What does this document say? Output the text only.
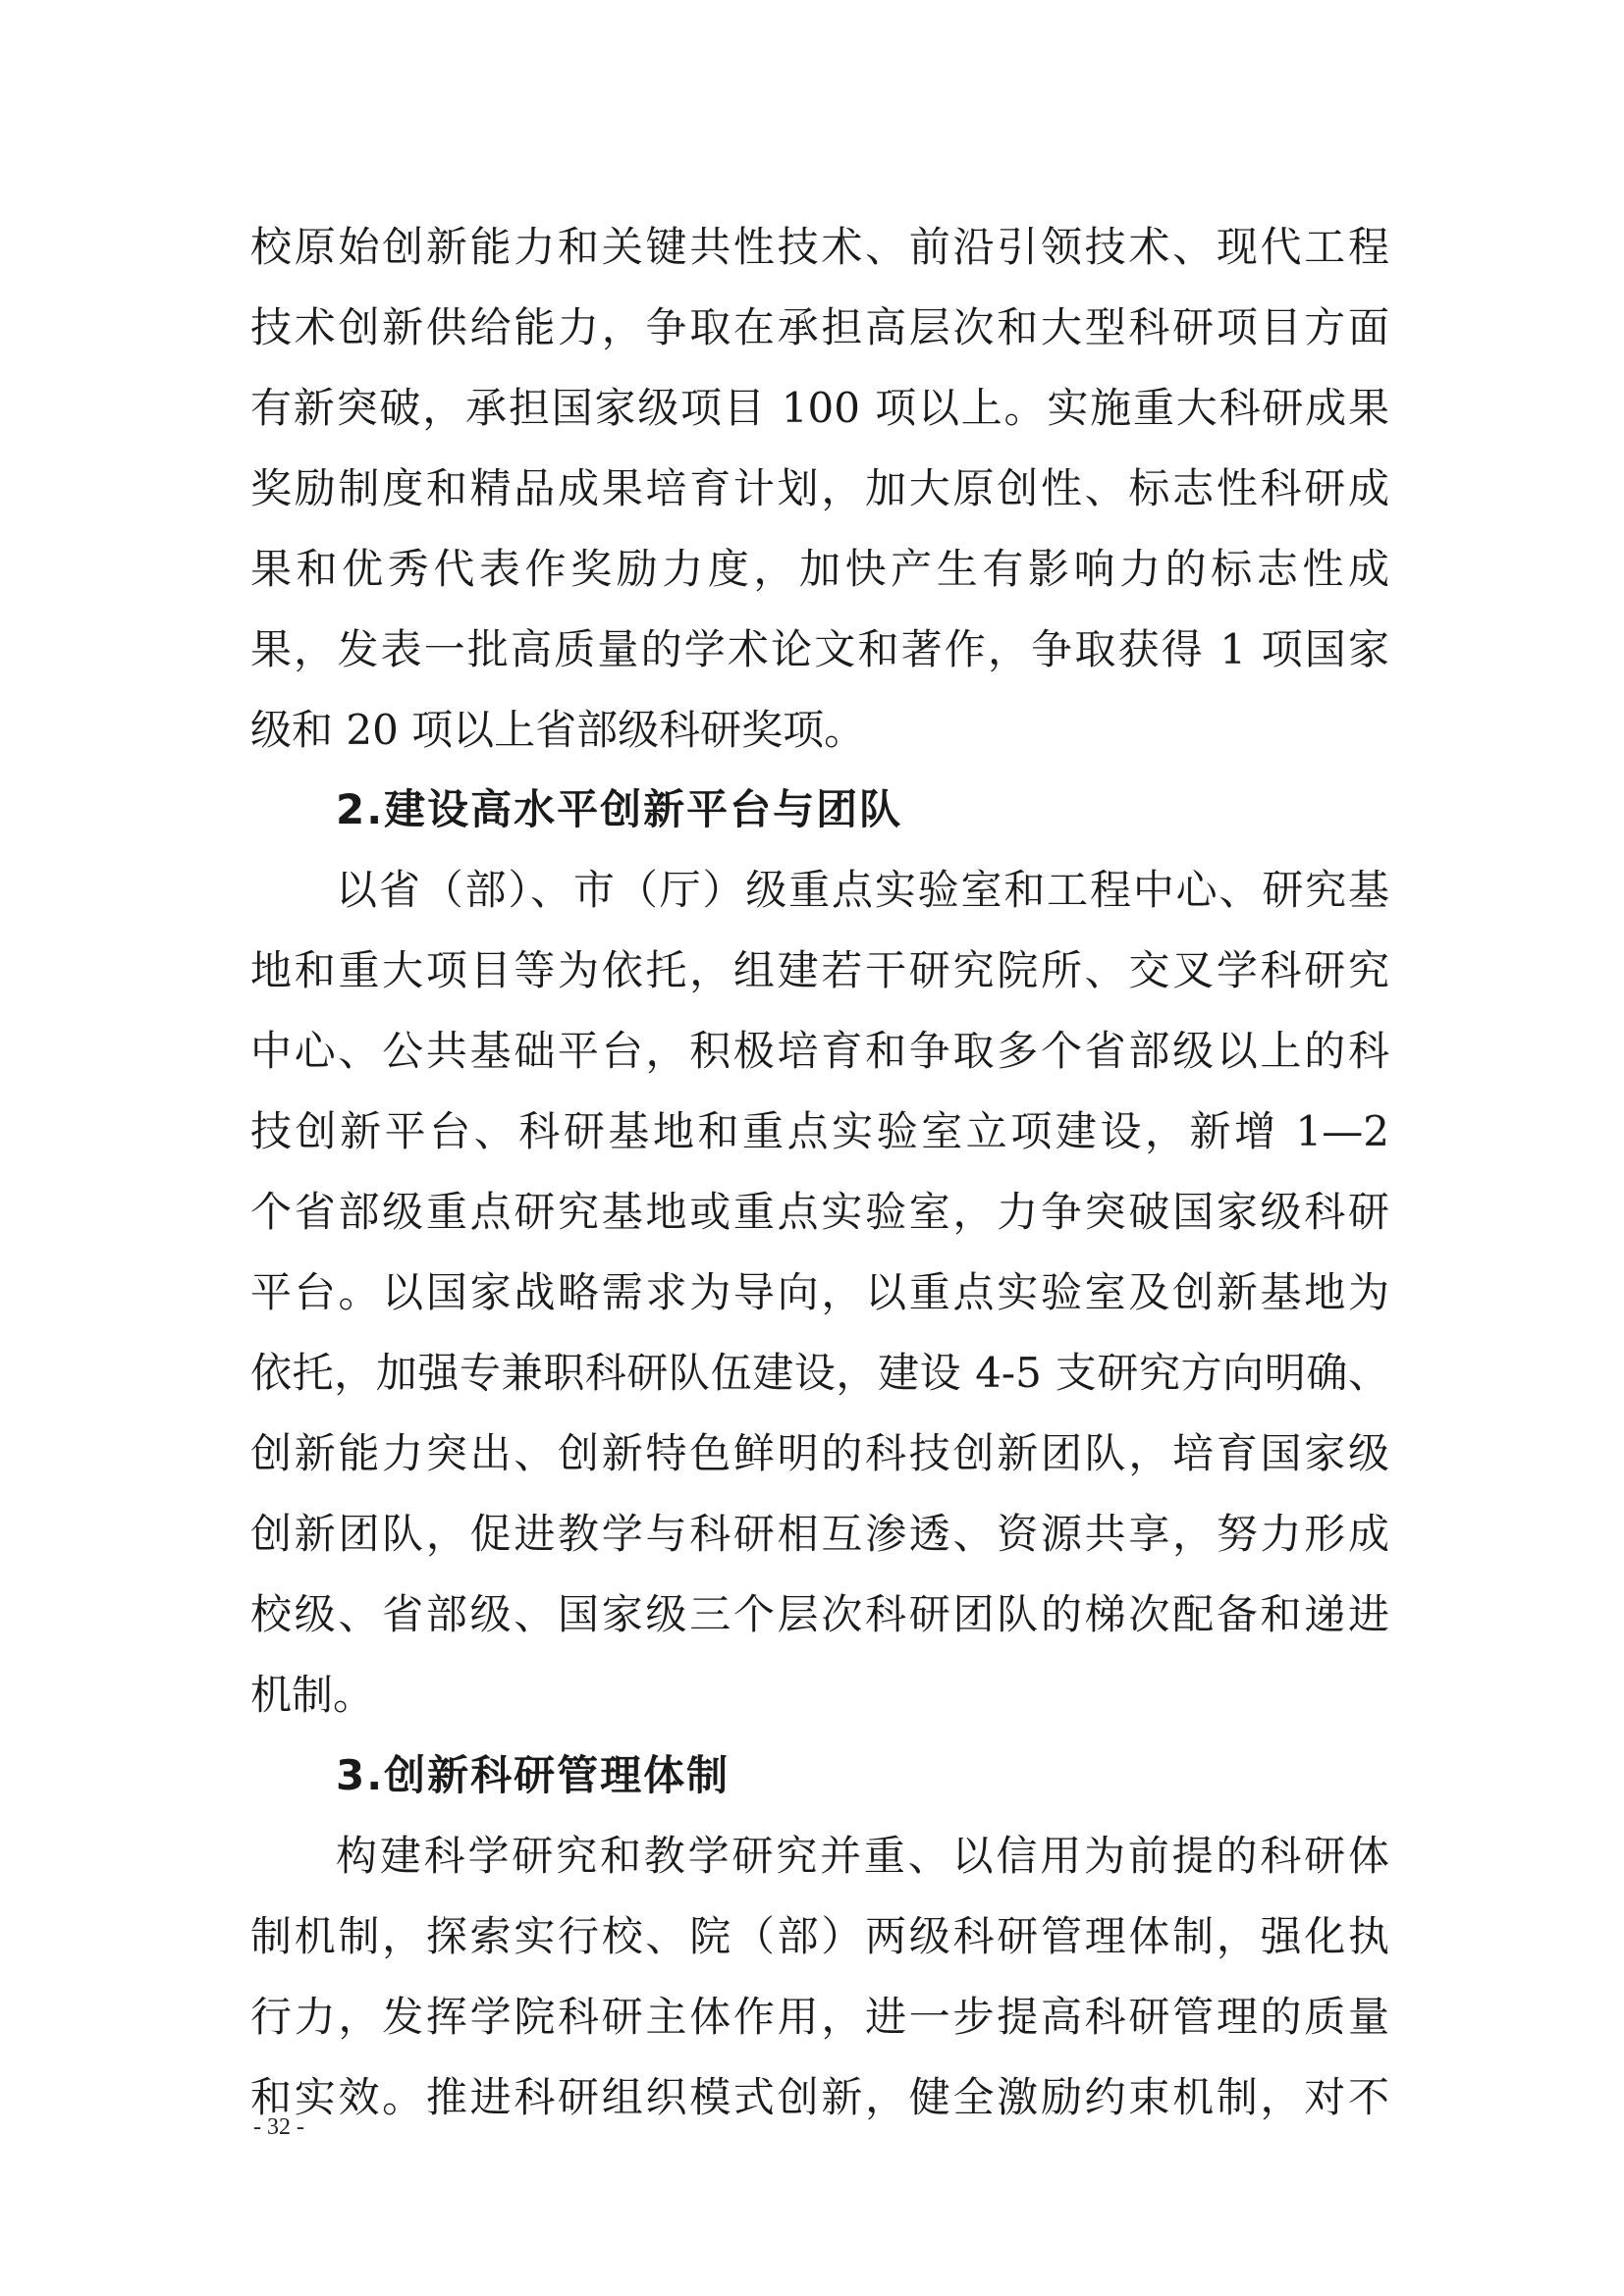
校原始创新能力和关键共性技术、前沿引领技术、现代工程
技术创新供给能力，争取在承担高层次和大型科研项目方面
有新突破，承担国家级项目 100 项以上。实施重大科研成果
奖励制度和精品成果培育计划，加大原创性、标志性科研成
果和优秀代表作奖励力度，加快产生有影响力的标志性成
果，发表一批高质量的学术论文和著作，争取获得 1 项国家
级和 20 项以上省部级科研奖项。
2.建设高水平创新平台与团队
以省（部）、市（厅）级重点实验室和工程中心、研究基
地和重大项目等为依托，组建若干研究院所、交叉学科研究
中心、公共基础平台，积极培育和争取多个省部级以上的科
技创新平台、科研基地和重点实验室立项建设，新增 1—2
个省部级重点研究基地或重点实验室，力争突破国家级科研
平台。以国家战略需求为导向，以重点实验室及创新基地为
依托，加强专兼职科研队伍建设，建设 4-5 支研究方向明确、
创新能力突出、创新特色鲜明的科技创新团队，培育国家级
创新团队，促进教学与科研相互渗透、资源共享，努力形成
校级、省部级、国家级三个层次科研团队的梯次配备和递进
机制。
3.创新科研管理体制
构建科学研究和教学研究并重、以信用为前提的科研体
制机制，探索实行校、院（部）两级科研管理体制，强化执
行力，发挥学院科研主体作用，进一步提高科研管理的质量
和实效。推进科研组织模式创新，健全激励约束机制，对不
- 32 -
